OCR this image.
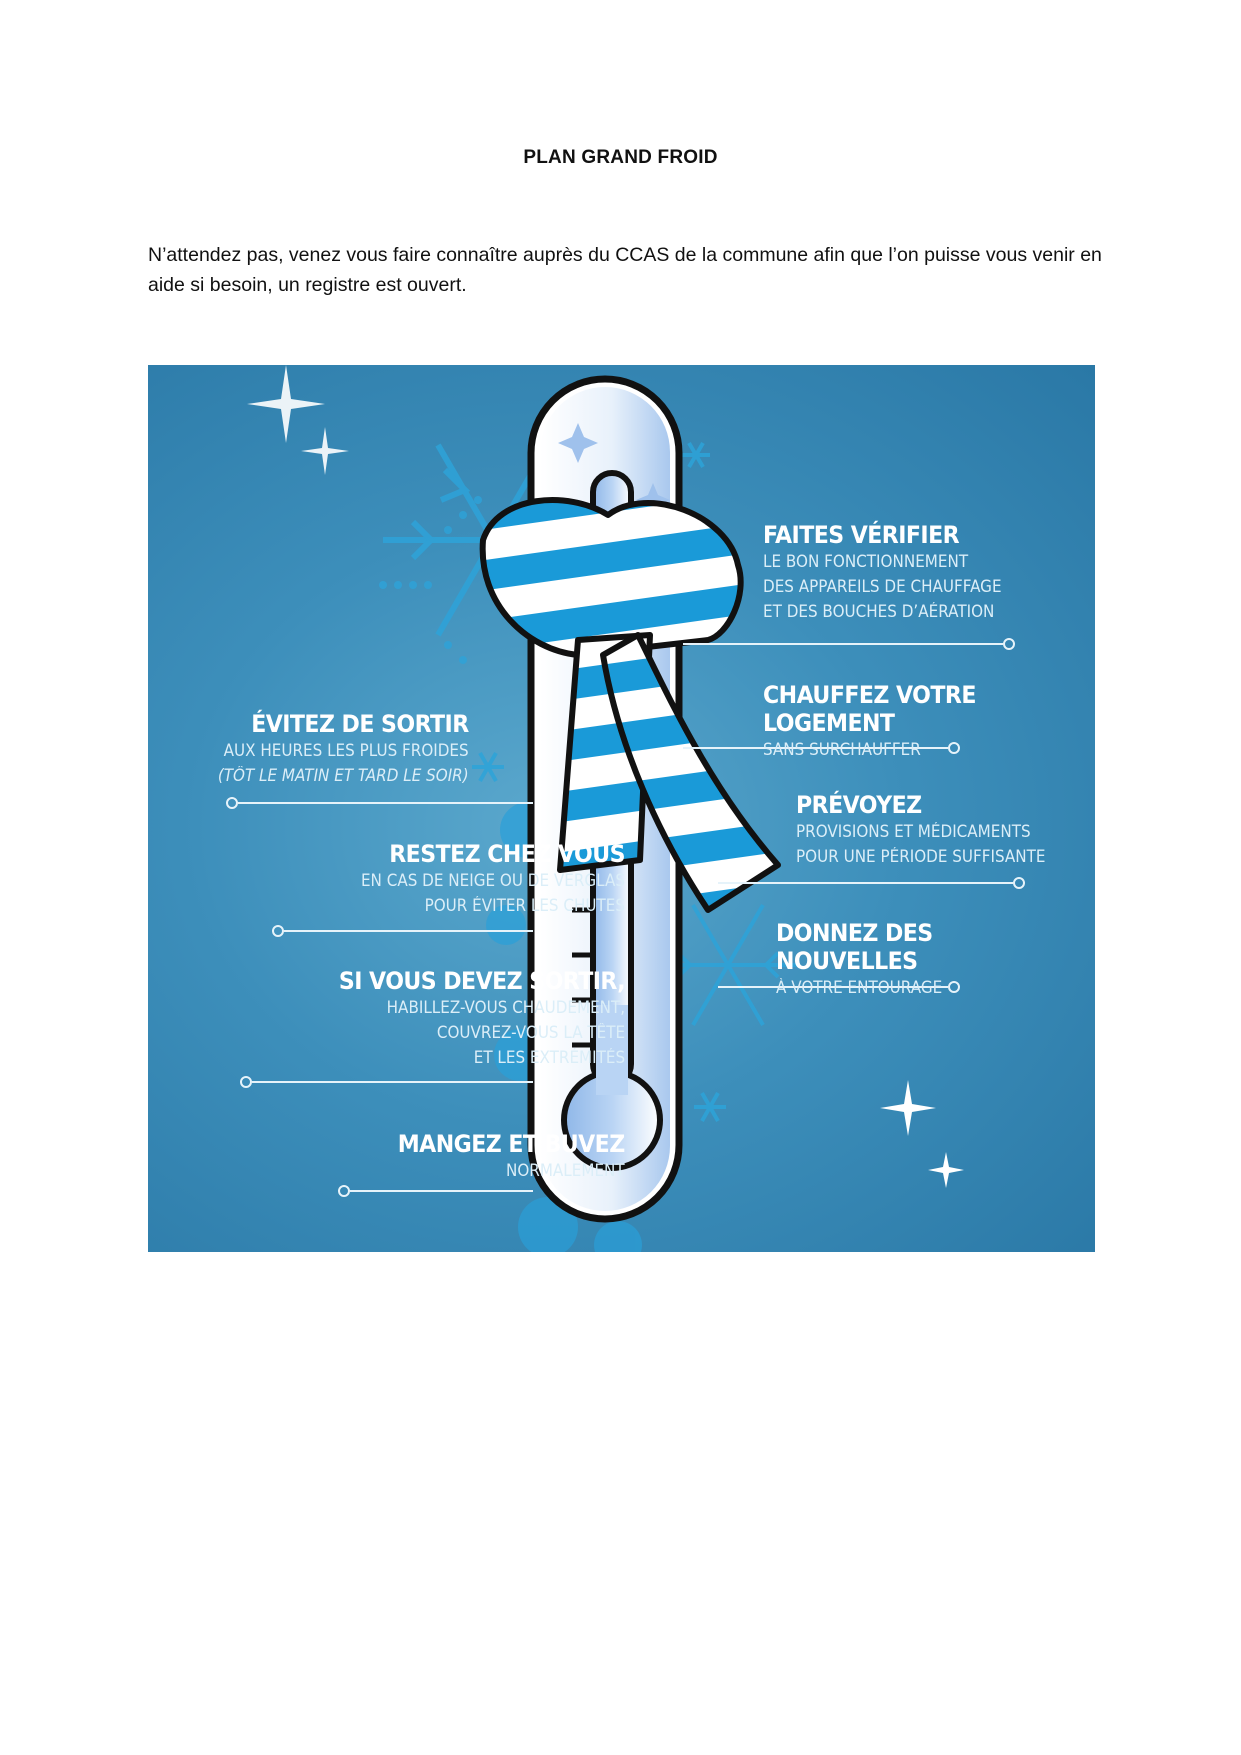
PLAN GRAND FROID

N’attendez pas, venez vous faire connaître auprès du CCAS de la commune afin que l’on puisse vous venir en aide si besoin, un registre est ouvert.

ÉVITEZ DE SORTIR
AUX HEURES LES PLUS FROIDES
(TÔT LE MATIN ET TARD LE SOIR)
RESTEZ CHEZ VOUS
EN CAS DE NEIGE OU DE VERGLAS
POUR ÉVITER LES CHUTES
SI VOUS DEVEZ SORTIR,
HABILLEZ-VOUS CHAUDEMENT,
COUVREZ-VOUS LA TÊTE
ET LES EXTRÉMITÉS
MANGEZ ET BUVEZ
NORMALEMENT
FAITES VÉRIFIER
LE BON FONCTIONNEMENT
DES APPAREILS DE CHAUFFAGE
ET DES BOUCHES D’AÉRATION
CHAUFFEZ VOTRE LOGEMENT
SANS SURCHAUFFER
PRÉVOYEZ
PROVISIONS ET MÉDICAMENTS
POUR UNE PÉRIODE SUFFISANTE
DONNEZ DES NOUVELLES
À VOTRE ENTOURAGE
